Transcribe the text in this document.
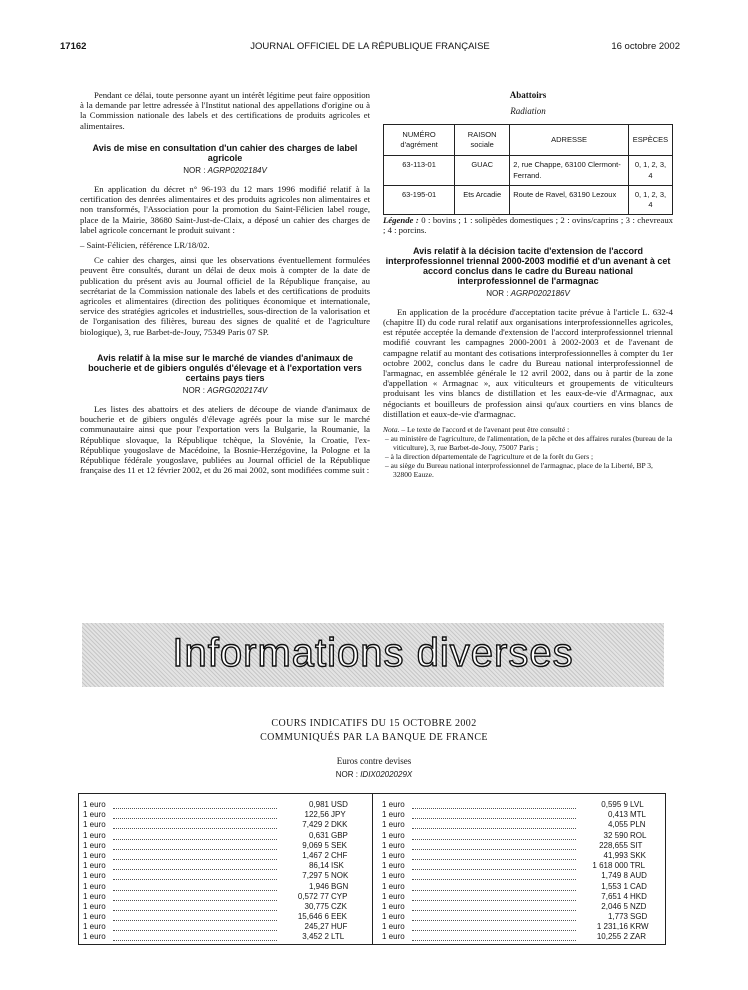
17162	JOURNAL OFFICIEL DE LA RÉPUBLIQUE FRANÇAISE	16 octobre 2002

Pendant ce délai, toute personne ayant un intérêt légitime peut faire opposition à la demande par lettre adressée à l'Institut national des appellations d'origine ou à la Commission nationale des labels et des certifications de produits agricoles et alimentaires.

Avis de mise en consultation d'un cahier des charges de label agricole
NOR : AGRP0202184V

En application du décret n° 96-193 du 12 mars 1996 modifié relatif à la certification des denrées alimentaires et des produits agricoles non alimentaires et non transformés, l'Association pour la promotion du Saint-Félicien label rouge, place de la Mairie, 38680 Saint-Just-de-Claix, a déposé un cahier des charges de label agricole concernant le produit suivant :

– Saint-Félicien, référence LR/18/02.

Ce cahier des charges, ainsi que les observations éventuellement formulées peuvent être consultés, durant un délai de deux mois à compter de la date de publication du présent avis au Journal officiel de la République française, au secrétariat de la Commission nationale des labels et des certifications de produits agricoles et alimentaires (direction des politiques économique et internationale, service des stratégies agricoles et industrielles, sous-direction de la valorisation et de l'organisation des filières, bureau des signes de qualité et de l'agriculture biologique), 3, rue Barbet-de-Jouy, 75349 Paris 07 SP.

Avis relatif à la mise sur le marché de viandes d'animaux de boucherie et de gibiers ongulés d'élevage et à l'exportation vers certains pays tiers
NOR : AGRG0202174V

Les listes des abattoirs et des ateliers de découpe de viande d'animaux de boucherie et de gibiers ongulés d'élevage agréés pour la mise sur le marché communautaire ainsi que pour l'exportation vers la Bulgarie, la Roumanie, la République slovaque, la République tchèque, la Slovénie, la Croatie, l'ex-République yougoslave de Macédoine, la Bosnie-Herzégovine, la Pologne et la République fédérale yougoslave, publiées au Journal officiel de la République française des 11 et 12 février 2002, et du 26 mai 2002, sont modifiées comme suit :

Abattoirs
Radiation
NUMÉRO d'agrément	RAISON sociale	ADRESSE	ESPÈCES
63-113-01	GUAC	2, rue Chappe, 63100 Clermont-Ferrand.	0, 1, 2, 3, 4
63-195-01	Ets Arcadie	Route de Ravel, 63190 Lezoux	0, 1, 2, 3, 4

Légende : 0 : bovins ; 1 : solipèdes domestiques ; 2 : ovins/caprins ; 3 : chevreaux ; 4 : porcins.

Avis relatif à la décision tacite d'extension de l'accord interprofessionnel triennal 2000-2003 modifié et d'un avenant à cet accord conclus dans le cadre du Bureau national interprofessionnel de l'armagnac
NOR : AGRP0202186V

En application de la procédure d'acceptation tacite prévue à l'article L. 632-4 (chapitre II) du code rural relatif aux organisations interprofessionnelles agricoles, est réputée acceptée la demande d'extension de l'accord interprofessionnel triennal modifié couvrant les campagnes 2000-2001 à 2002-2003 et de l'avenant de campagne relatif au montant des cotisations interprofessionnelles à compter du 1er octobre 2002, conclus dans le cadre du Bureau national interprofessionnel de l'armagnac, en assemblée générale le 12 avril 2002, dans ou à partir de la zone d'appellation « Armagnac », aux viticulteurs et groupements de viticulteurs produisant les vins blancs de distillation et les eaux-de-vie d'Armagnac, aux négociants et bouilleurs de profession ainsi qu'aux courtiers en vins blancs de distillation et eaux-de-vie d'armagnac.

Nota. – Le texte de l'accord et de l'avenant peut être consulté :
– au ministère de l'agriculture, de l'alimentation, de la pêche et des affaires rurales (bureau de la viticulture), 3, rue Barbet-de-Jouy, 75007 Paris ;
– à la direction départementale de l'agriculture et de la forêt du Gers ;
– au siège du Bureau national interprofessionnel de l'armagnac, place de la Liberté, BP 3, 32800 Eauze.
Informations diverses
COURS INDICATIFS DU 15 OCTOBRE 2002
COMMUNIQUÉS PAR LA BANQUE DE FRANCE
Euros contre devises
NOR : IDIX0202029X
1 euro	0,981 USD
1 euro	122,56 JPY
1 euro	7,429 2 DKK
1 euro	0,631 GBP
1 euro	9,069 5 SEK
1 euro	1,467 2 CHF
1 euro	86,14 ISK
1 euro	7,297 5 NOK
1 euro	1,946 BGN
1 euro	0,572 77 CYP
1 euro	30,775 CZK
1 euro	15,646 6 EEK
1 euro	245,27 HUF
1 euro	3,452 2 LTL
1 euro	0,595 9 LVL
1 euro	0,413 MTL
1 euro	4,055 PLN
1 euro	32 590 ROL
1 euro	228,655 SIT
1 euro	41,993 SKK
1 euro	1 618 000 TRL
1 euro	1,749 8 AUD
1 euro	1,553 1 CAD
1 euro	7,651 4 HKD
1 euro	2,046 5 NZD
1 euro	1,773 SGD
1 euro	1 231,16 KRW
1 euro	10,255 2 ZAR
